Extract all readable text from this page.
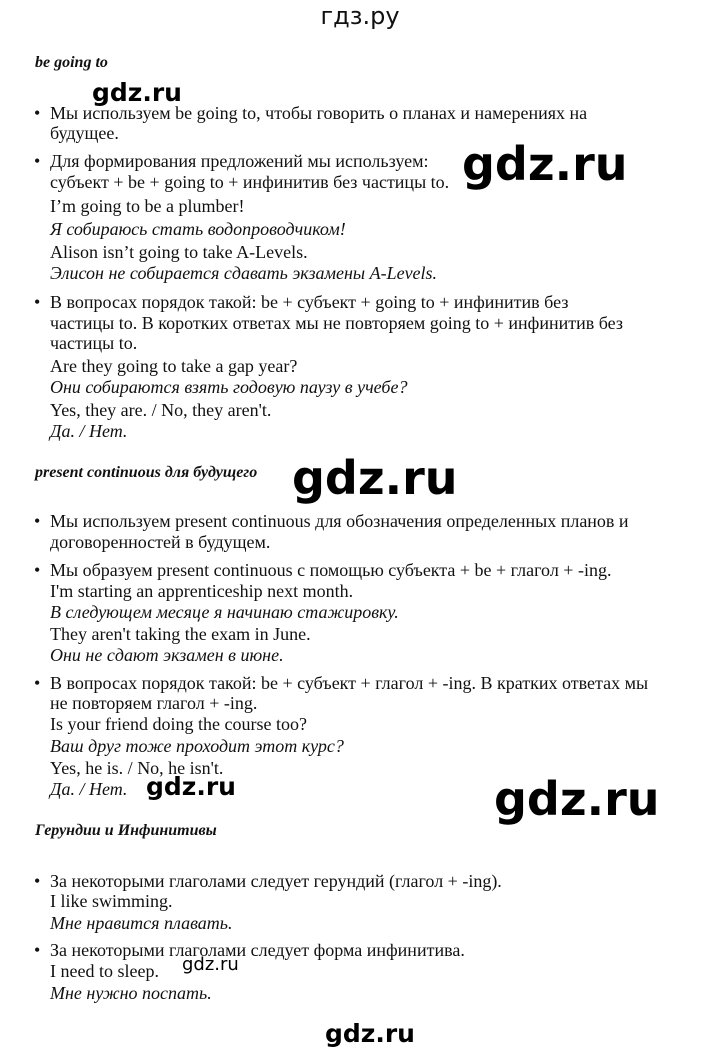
гдз.ру
be going to
• Мы используем be going to, чтобы говорить о планах и намерениях на
будущее.
• Для формирования предложений мы используем:
субъект + be + going to + инфинитив без частицы to.
I’m going to be a plumber!
Я собираюсь стать водопроводчиком!
Alison isn’t going to take A-Levels.
Элисон не собирается сдавать экзамены A-Levels.
• В вопросах порядок такой: be + субъект + going to + инфинитив без
частицы to. В коротких ответах мы не повторяем going to + инфинитив без
частицы to.
Are they going to take a gap year?
Они собираются взять годовую паузу в учебе?
Yes, they are. / No, they aren't.
Да. / Нет.
present continuous для будущего
• Мы используем present continuous для обозначения определенных планов и
договоренностей в будущем.
• Мы образуем present continuous с помощью субъекта + be + глагол + -ing.
I'm starting an apprenticeship next month.
В следующем месяце я начинаю стажировку.
They aren't taking the exam in June.
Они не сдают экзамен в июне.
• В вопросах порядок такой: be + субъект + глагол + -ing. В кратких ответах мы
не повторяем глагол + -ing.
Is your friend doing the course too?
Ваш друг тоже проходит этот курс?
Yes, he is. / No, he isn't.
Да. / Нет.
Герундии и Инфинитивы
• За некоторыми глаголами следует герундий (глагол + -ing).
I like swimming.
Мне нравится плавать.
• За некоторыми глаголами следует форма инфинитива.
I need to sleep.
Мне нужно поспать.
gdz.ru
gdz.ru
gdz.ru
gdz.ru	gdz.ru
gdz.ru
gdz.ru
